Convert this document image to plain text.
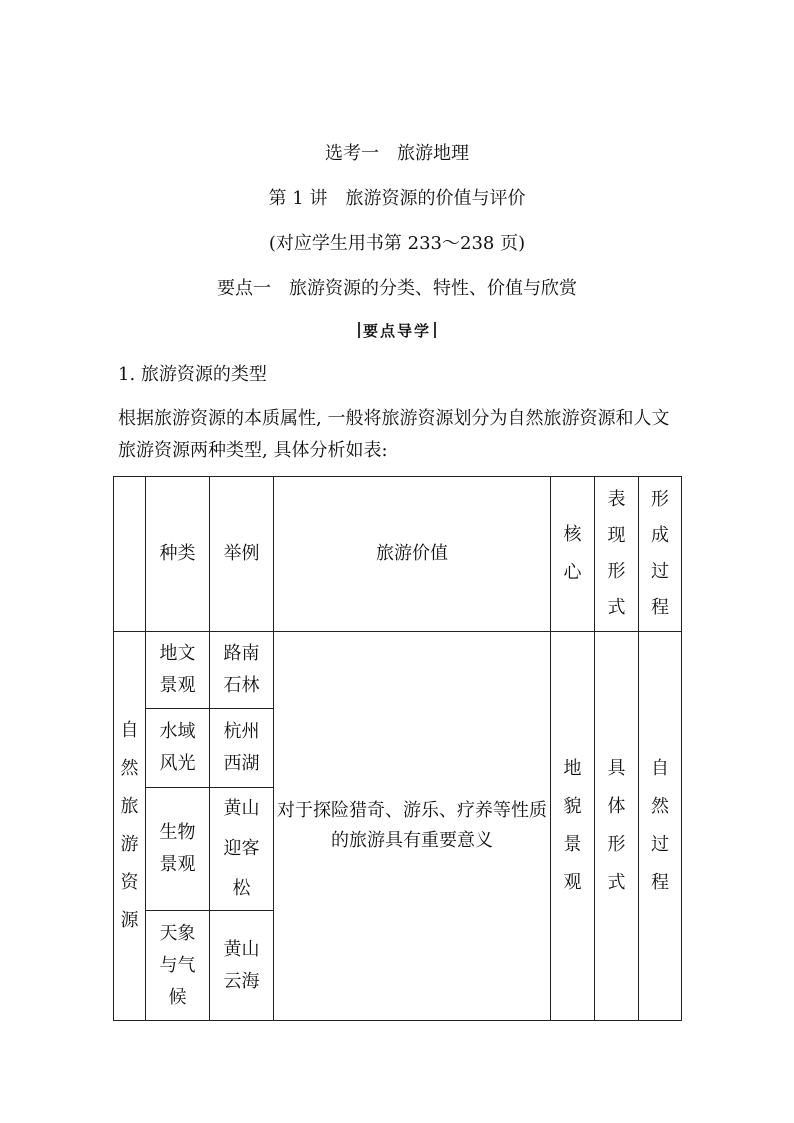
选考一　旅游地理
第 1 讲　旅游资源的价值与评价
(对应学生用书第 233～238 页)
要点一　旅游资源的分类、特性、价值与欣赏
要点导学
1. 旅游资源的类型
根据旅游资源的本质属性, 一般将旅游资源划分为自然旅游资源和人文旅游资源两种类型, 具体分析如表:
	种类	举例	旅游价值	核心	表现形式	形成过程
自然旅游资源	地文景观	路南石林	对于探险猎奇、游乐、疗养等性质的旅游具有重要意义	地貌景观	具体形式	自然过程
	水域风光	杭州西湖				
	生物景观	黄山迎客松				
	天象与气候	黄山云海				
